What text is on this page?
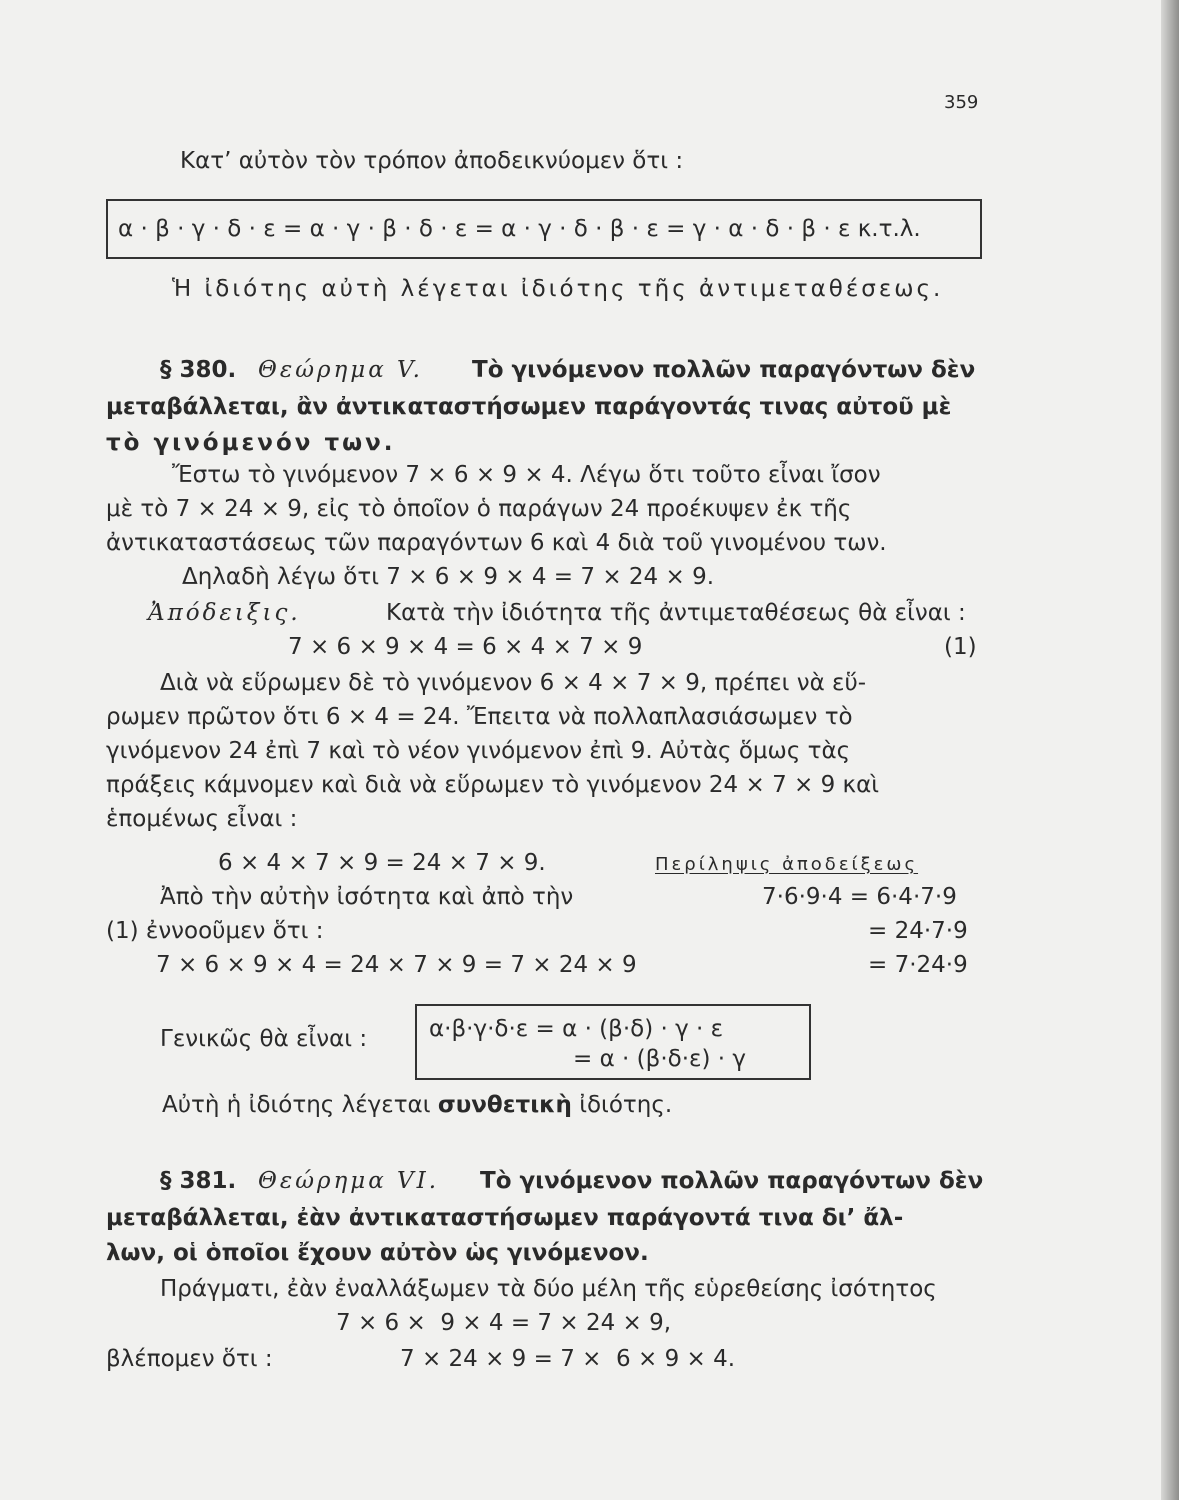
359
Κατ’ αὐτὸν τὸν τρόπον ἀποδεικνύομεν ὅτι :
α · β · γ · δ · ε = α · γ · β · δ · ε = α · γ · δ · β · ε = γ · α · δ · β · ε κ.τ.λ.
Ἡ ἰδιότης αὐτὴ λέγεται ἰδιότης τῆς ἀντιμεταθέσεως.
§ 380. Θεώρημα V. Τὸ γινόμενον πολλῶν παραγόντων δὲν
μεταβάλλεται, ἂν ἀντικαταστήσωμεν παράγοντάς τινας αὐτοῦ μὲ
τὸ γινόμενόν των.
Ἔστω τὸ γινόμενον 7 × 6 × 9 × 4. Λέγω ὅτι τοῦτο εἶναι ἴσον
μὲ τὸ 7 × 24 × 9, εἰς τὸ ὁποῖον ὁ παράγων 24 προέκυψεν ἐκ τῆς
ἀντικαταστάσεως τῶν παραγόντων 6 καὶ 4 διὰ τοῦ γινομένου των.
Δηλαδὴ λέγω ὅτι 7 × 6 × 9 × 4 = 7 × 24 × 9.
Ἀπόδειξις.	Κατὰ τὴν ἰδιότητα τῆς ἀντιμεταθέσεως θὰ εἶναι :
7 × 6 × 9 × 4 = 6 × 4 × 7 × 9	(1)
Διὰ νὰ εὕρωμεν δὲ τὸ γινόμενον 6 × 4 × 7 × 9, πρέπει νὰ εὕ-
ρωμεν πρῶτον ὅτι 6 × 4 = 24. Ἔπειτα νὰ πολλαπλασιάσωμεν τὸ
γινόμενον 24 ἐπὶ 7 καὶ τὸ νέον γινόμενον ἐπὶ 9. Αὐτὰς ὅμως τὰς
πράξεις κάμνομεν καὶ διὰ νὰ εὕρωμεν τὸ γινόμενον 24 × 7 × 9 καὶ
ἑπομένως εἶναι :
6 × 4 × 7 × 9 = 24 × 7 × 9.	Περίληψις ἀποδείξεως
Ἀπὸ τὴν αὐτὴν ἰσότητα καὶ ἀπὸ τὴν	7·6·9·4 = 6·4·7·9
(1) ἐννοοῦμεν ὅτι :	= 24·7·9
7 × 6 × 9 × 4 = 24 × 7 × 9 = 7 × 24 × 9	= 7·24·9
Γενικῶς θὰ εἶναι :	α·β·γ·δ·ε = α · (β·δ) · γ · ε
= α · (β·δ·ε) · γ
Αὐτὴ ἡ ἰδιότης λέγεται συνθετικὴ ἰδιότης.
§ 381. Θεώρημα VI. Τὸ γινόμενον πολλῶν παραγόντων δὲν
μεταβάλλεται, ἐὰν ἀντικαταστήσωμεν παράγοντά τινα δι’ ἄλ-
λων, οἱ ὁποῖοι ἔχουν αὐτὸν ὡς γινόμενον.
Πράγματι, ἐὰν ἐναλλάξωμεν τὰ δύο μέλη τῆς εὑρεθείσης ἰσότητος
7 × 6 ×  9 × 4 = 7 × 24 × 9,
βλέπομεν ὅτι :	7 × 24 × 9 = 7 ×  6 × 9 × 4.
